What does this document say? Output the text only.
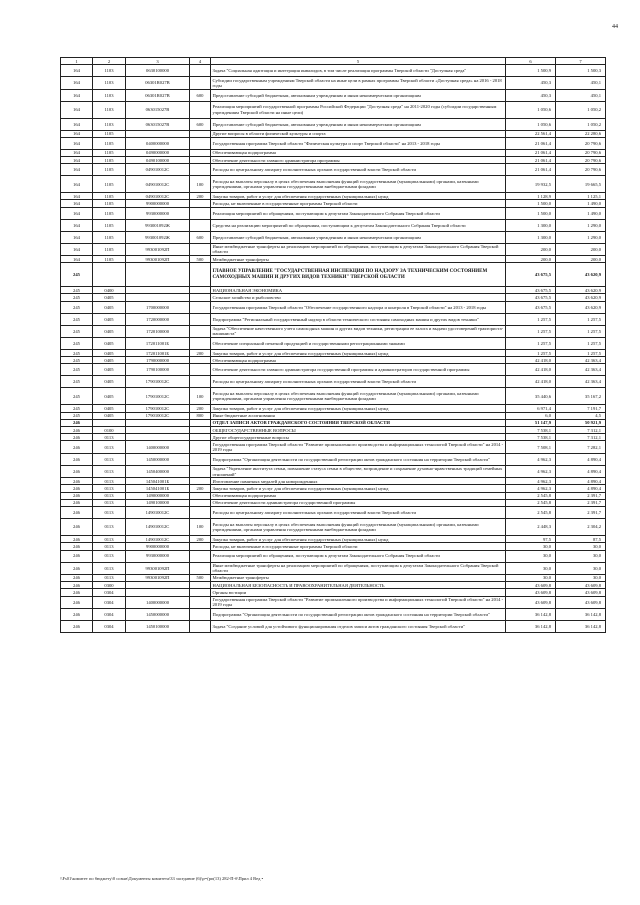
44
1	2	3	4	5	6	7
164	1103	0630100000		Задача "Социальная адаптация и интеграция инвалидов, в том числе реализация программы Тверской области "Доступная среда"	1 500,9	1 500,3
164	1103	06301R027B		Субсидии государственным учреждениям Тверской области на иные цели в рамках программы Тверской области «Доступная среда» на 2016 - 2018 годы	450,3	450,1
164	1103	06301R027B	600	Предоставление субсидий бюджетным, автономным учреждениям и иным некоммерческим организациям	450,3	450,1
164	1103	063015027B		Реализация мероприятий государственной программы Российской Федерации "Доступная среда" на 2011-2020 годы (субсидии государственным учреждениям Тверской области на иные цели)	1 050,6	1 050,2
164	1103	063015027B	600	Предоставление субсидий бюджетным, автономным учреждениям и иным некоммерческим организациям	1 050,6	1 050,2
164	1105			Другие вопросы в области физической культуры и спорта	22 561,4	22 280,6
164	1105	0400000000		Государственная программа Тверской области "Физическая культура и спорт Тверской области" на 2013 - 2018 годы	21 061,4	20 790,6
164	1105	0490000000		Обеспечивающая подпрограмма	21 061,4	20 790,6
164	1105	0490100000		Обеспечение деятельности главного администратора программы	21 061,4	20 790,6
164	1105	049010012С		Расходы по центральному аппарату исполнительных органов государственной власти Тверской области	21 061,4	20 790,6
164	1105	049010012С	100	Расходы на выплаты персоналу в целях обеспечения выполнения функций государственными (муниципальными) органами, казенными учреждениями, органами управления государственными внебюджетными фондами	19 932,5	19 665,5
164	1105	049010012С	200	Закупка товаров, работ и услуг для обеспечения государственных (муниципальных) нужд	1 128,9	1 125,1
164	1105	9900000000		Расходы, не включенные в государственные программы Тверской области	1 500,0	1 490,0
164	1105	9930000000		Реализация мероприятий по обращениям, поступающим к депутатам Законодательного Собрания Тверской области	1 500,0	1 490,0
164	1105	993001092Ж		Средства на реализацию мероприятий по обращениям, поступающим к депутатам Законодательного Собрания Тверской области	1 300,0	1 290,0
164	1105	993001092Ж	600	Предоставление субсидий бюджетным, автономным учреждениям и иным некоммерческим организациям	1 300,0	1 290,0
164	1105	993001092П		Иные межбюджетные трансферты на реализацию мероприятий по обращениям, поступающим к депутатам Законодательного Собрания Тверской области	200,0	200,0
164	1105	993001092П	500	Межбюджетные трансферты	200,0	200,0
245				ГЛАВНОЕ УПРАВЛЕНИЕ "ГОСУДАРСТВЕННАЯ ИНСПЕКЦИЯ ПО НАДЗОРУ ЗА ТЕХНИЧЕСКИМ СОСТОЯНИЕМ САМОХОДНЫХ МАШИН И ДРУГИХ ВИДОВ ТЕХНИКИ" ТВЕРСКОЙ ОБЛАСТИ	43 675,5	43 620,9
245	0400			НАЦИОНАЛЬНАЯ ЭКОНОМИКА	43 675,5	43 620,9
245	0405			Сельское хозяйство и рыболовство	43 675,5	43 620,9
245	0405	1700000000		Государственная программа Тверской области "Обеспечение государственного надзора и контроля в Тверской области" на 2013 - 2018 годы	43 675,5	43 620,9
245	0405	1720000000		Подпрограмма "Региональный государственный надзор в области технического состояния самоходных машин и других видов техники"	1 257,5	1 257,5
245	0405	1720100000		Задача "Обеспечение качественного учета самоходных машин и других видов техники, регистрации ее залога и выдачи удостоверений тракториста-машиниста"	1 257,5	1 257,5
245	0405	172011001Б		Обеспечение специальной печатной продукцией и государственными регистрационными знаками	1 257,5	1 257,5
245	0405	172011001Б	200	Закупка товаров, работ и услуг для обеспечения государственных (муниципальных) нужд	1 257,5	1 257,5
245	0405	1790000000		Обеспечивающая подпрограмма	42 418,0	42 363,4
245	0405	1790100000		Обеспечение деятельности главного администратора государственной программы и администраторов государственной программы	42 418,0	42 363,4
245	0405	179010012С		Расходы по центральному аппарату исполнительных органов государственной власти Тверской области	42 418,0	42 363,4
245	0405	179010012С	100	Расходы на выплаты персоналу в целях обеспечения выполнения функций государственными (муниципальными) органами, казенными учреждениями, органами управления государственными внебюджетными фондами	35 440,6	35 167,2
245	0405	179010012С	200	Закупка товаров, работ и услуг для обеспечения государственных (муниципальных) нужд	6 971,4	7 191,7
245	0405	179010012С	800	Иные бюджетные ассигнования	6,0	4,5
246				ОТДЕЛ ЗАПИСИ АКТОВ ГРАЖДАНСКОГО СОСТОЯНИЯ ТВЕРСКОЙ ОБЛАСТИ	51 147,9	50 921,9
246	0100			ОБЩЕГОСУДАРСТВЕННЫЕ ВОПРОСЫ	7 538,1	7 312,1
246	0113			Другие общегосударственные вопросы	7 538,1	7 312,1
246	0113	1400000000		Государственная программа Тверской области "Развитие промышленного производства и информационных технологий Тверской области" на 2014 - 2019 годы	7 508,1	7 282,1
246	0113	1450000000		Подпрограмма "Организация деятельности по государственной регистрации актов гражданского состояния на территории Тверской области"	4 962,3	4 890,4
246	0113	1450400000		Задача "Укрепление института семьи, повышение статуса семьи в обществе, возрождение и сохранение духовно-нравственных традиций семейных отношений"	4 962,3	4 890,4
246	0113	145041001Б		Изготовление памятных медалей для новорожденных	4 962,3	4 890,4
246	0113	145041001Б	200	Закупка товаров, работ и услуг для обеспечения государственных (муниципальных) нужд	4 962,3	4 890,4
246	0113	1490000000		Обеспечивающая подпрограмма	2 545,8	2 391,7
246	0113	1490100000		Обеспечение деятельности администратора государственной программы	2 545,8	2 391,7
246	0113	149010012С		Расходы по центральному аппарату исполнительных органов государственной власти Тверской области	2 545,8	2 391,7
246	0113	149010012С	100	Расходы на выплаты персоналу в целях обеспечения выполнения функций государственными (муниципальными) органами, казенными учреждениями, органами управления государственными внебюджетными фондами	2 448,3	2 304,2
246	0113	149010012С	200	Закупка товаров, работ и услуг для обеспечения государственных (муниципальных) нужд	97,5	87,5
246	0113	9900000000		Расходы, не включенные в государственные программы Тверской области	30,0	30,0
246	0113	9930000000		Реализация мероприятий по обращениям, поступающим к депутатам Законодательного Собрания Тверской области	30,0	30,0
246	0113	993001092П		Иные межбюджетные трансферты на реализацию мероприятий по обращениям, поступающим к депутатам Законодательного Собрания Тверской области	30,0	30,0
246	0113	993001092П	500	Межбюджетные трансферты	30,0	30,0
246	0300			НАЦИОНАЛЬНАЯ БЕЗОПАСНОСТЬ И ПРАВООХРАНИТЕЛЬНАЯ ДЕЯТЕЛЬНОСТЬ	43 609,8	43 609,8
246	0304			Органы юстиции	43 609,8	43 609,8
246	0304	1400000000		Государственная программа Тверской области "Развитие промышленного производства и информационных технологий Тверской области" на 2014 - 2019 годы	43 609,8	43 609,8
246	0304	1450000000		Подпрограмма "Организация деятельности по государственной регистрации актов гражданского состояния на территории Тверской области"	36 142,8	36 142,8
246	0304	1450100000		Задача "Создание условий для устойчивого функционирования отделов записи актов гражданского состояния Тверской области"	36 142,8	36 142,8
\\Fs01\комитет по бюджету\0 созыв\Документы комитета\33 заседание (6)\р=(рп(13) 282-П-б\Прил 4 Вед •
